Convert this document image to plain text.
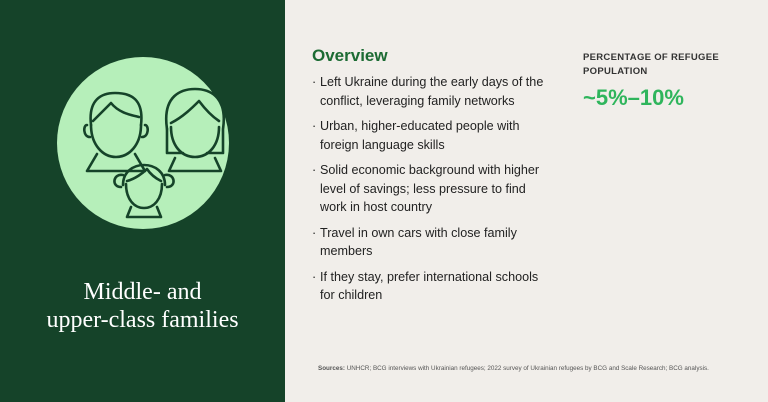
Middle- and
upper-class families
Overview
· Left Ukraine during the early days of the conflict, leveraging family networks
· Urban, higher-educated people with foreign language skills
· Solid economic background with higher level of savings; less pressure to find work in host country
· Travel in own cars with close family members
· If they stay, prefer international schools for children
PERCENTAGE OF REFUGEE POPULATION
~5%–10%
Sources: UNHCR; BCG interviews with Ukrainian refugees; 2022 survey of Ukrainian refugees by BCG and Scale Research; BCG analysis.
